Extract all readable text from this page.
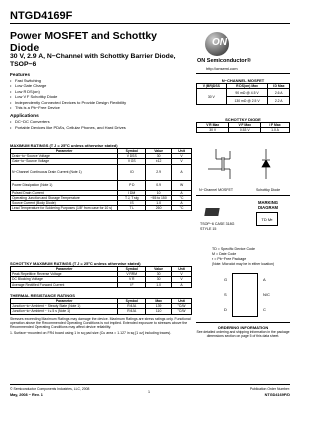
NTGD4169F
Power MOSFET and Schottky Diode
30 V, 2.9 A, N−Channel with Schottky Barrier Diode, TSOP−6
Features
• Fast Switching
• Low Gate Charge
• Low R DS(on)
• Low V F Schottky Diode
• Independently Connected Devices to Provide Design Flexibility
• This is a Pb−Free Device
Applications
• DC−DC Converters
• Portable Devices like PDA’s, Cellular Phones, and Hard Drives
MAXIMUM RATINGS (T J = 25°C unless otherwise stated)
Parameter	Symbol	Value	Unit
Drain−to−Source Voltage	V DSS	30	V
Gate−to−Source Voltage	V GS	±12	V
N−Channel Continuous Drain Current (Note 1)	I D	2.9	A
Power Dissipation (Note 1)	P D	0.9	W
Pulsed Drain Current	I DM	10	A
Operating Junction and Storage Temperature	T J, T stg	−55 to 150	°C
Source Current (Body Diode)	I S	1.0	A
Lead Temperature for Soldering Purposes (1/8″ from case for 10 s)	T L	260	°C
SCHOTTKY MAXIMUM RATINGS (T J = 25°C unless otherwise stated)
Parameter	Symbol	Value	Unit
Peak Repetitive Reverse Voltage	V RRM	30	V
DC Blocking Voltage	V R	30	V
Average Rectified Forward Current	I F	1.0	A
THERMAL RESISTANCE RATINGS
Parameter	Symbol	Max	Unit
Junction−to−Ambient − Steady State (Note 1)	R θJA	139	°C/W
Junction−to−Ambient − t ≤ 5 s (Note 1)	R θJA	110	°C/W
Stresses exceeding Maximum Ratings may damage the device. Maximum Ratings are stress ratings only. Functional operation above the Recommended Operating Conditions is not implied. Extended exposure to stresses above the Recommended Operating Conditions may affect device reliability.
1. Surface−mounted on FR4 board using 1 in sq pad size (Cu area = 1.127 in sq [1 oz] including traces).
ON
ON Semiconductor®
http://onsemi.com
N−CHANNEL MOSFET
V (BR)DSS	R DS(on) Max	I D Max
30 V	90 mΩ @ 4.5 V	2.6 A
	130 mΩ @ 2.5 V	2.2 A
SCHOTTKY DIODE
V R Max	V F Max	I F Max
30 V	0.53 V	1.0 A
N−Channel MOSFET	Schottky Diode
MARKING DIAGRAM
TSOP−6 CASE 318G STYLE 15
TD M▪
TD = Specific Device Code
M = Date Code
▪ = Pb−Free Package
(Note: Microdot may be in either location)
G
S
D
A
N/C
C
ORDERING INFORMATION
See detailed ordering and shipping information in the package dimensions section on page 5 of this data sheet.
© Semiconductor Components Industries, LLC, 2008
May, 2008 − Rev. 1
1
Publication Order Number:
NTGD4169F/D
